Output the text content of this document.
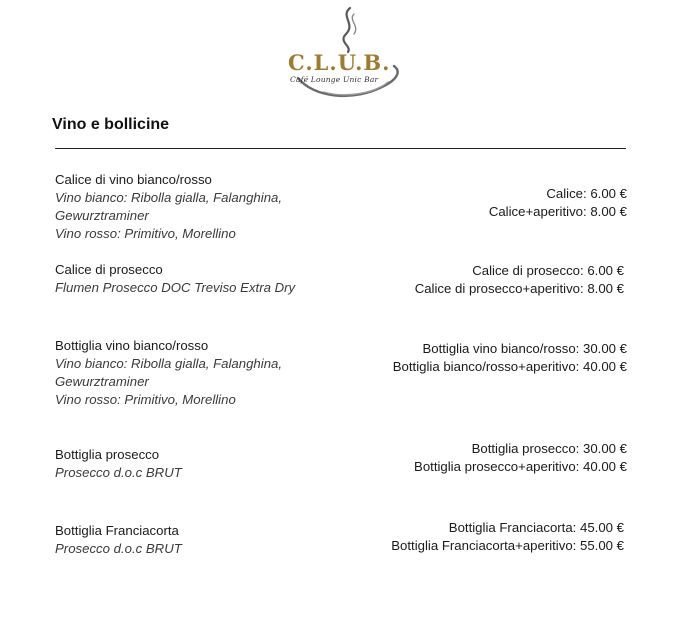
C.L.U.B.
Café Lounge Unic Bar
Vino e bollicine
Calice di vino bianco/rosso
Vino bianco: Ribolla gialla, Falanghina,
Gewurztraminer
Vino rosso: Primitivo, Morellino
Calice: 6.00 €
Calice+aperitivo: 8.00 €
Calice di prosecco
Flumen Prosecco DOC Treviso Extra Dry
Calice di prosecco: 6.00 €
Calice di prosecco+aperitivo: 8.00 €
Bottiglia vino bianco/rosso
Vino bianco: Ribolla gialla, Falanghina,
Gewurztraminer
Vino rosso: Primitivo, Morellino
Bottiglia vino bianco/rosso: 30.00 €
Bottiglia bianco/rosso+aperitivo: 40.00 €
Bottiglia prosecco
Prosecco d.o.c BRUT
Bottiglia prosecco: 30.00 €
Bottiglia prosecco+aperitivo: 40.00 €
Bottiglia Franciacorta
Prosecco d.o.c BRUT
Bottiglia Franciacorta: 45.00 €
Bottiglia Franciacorta+aperitivo: 55.00 €
